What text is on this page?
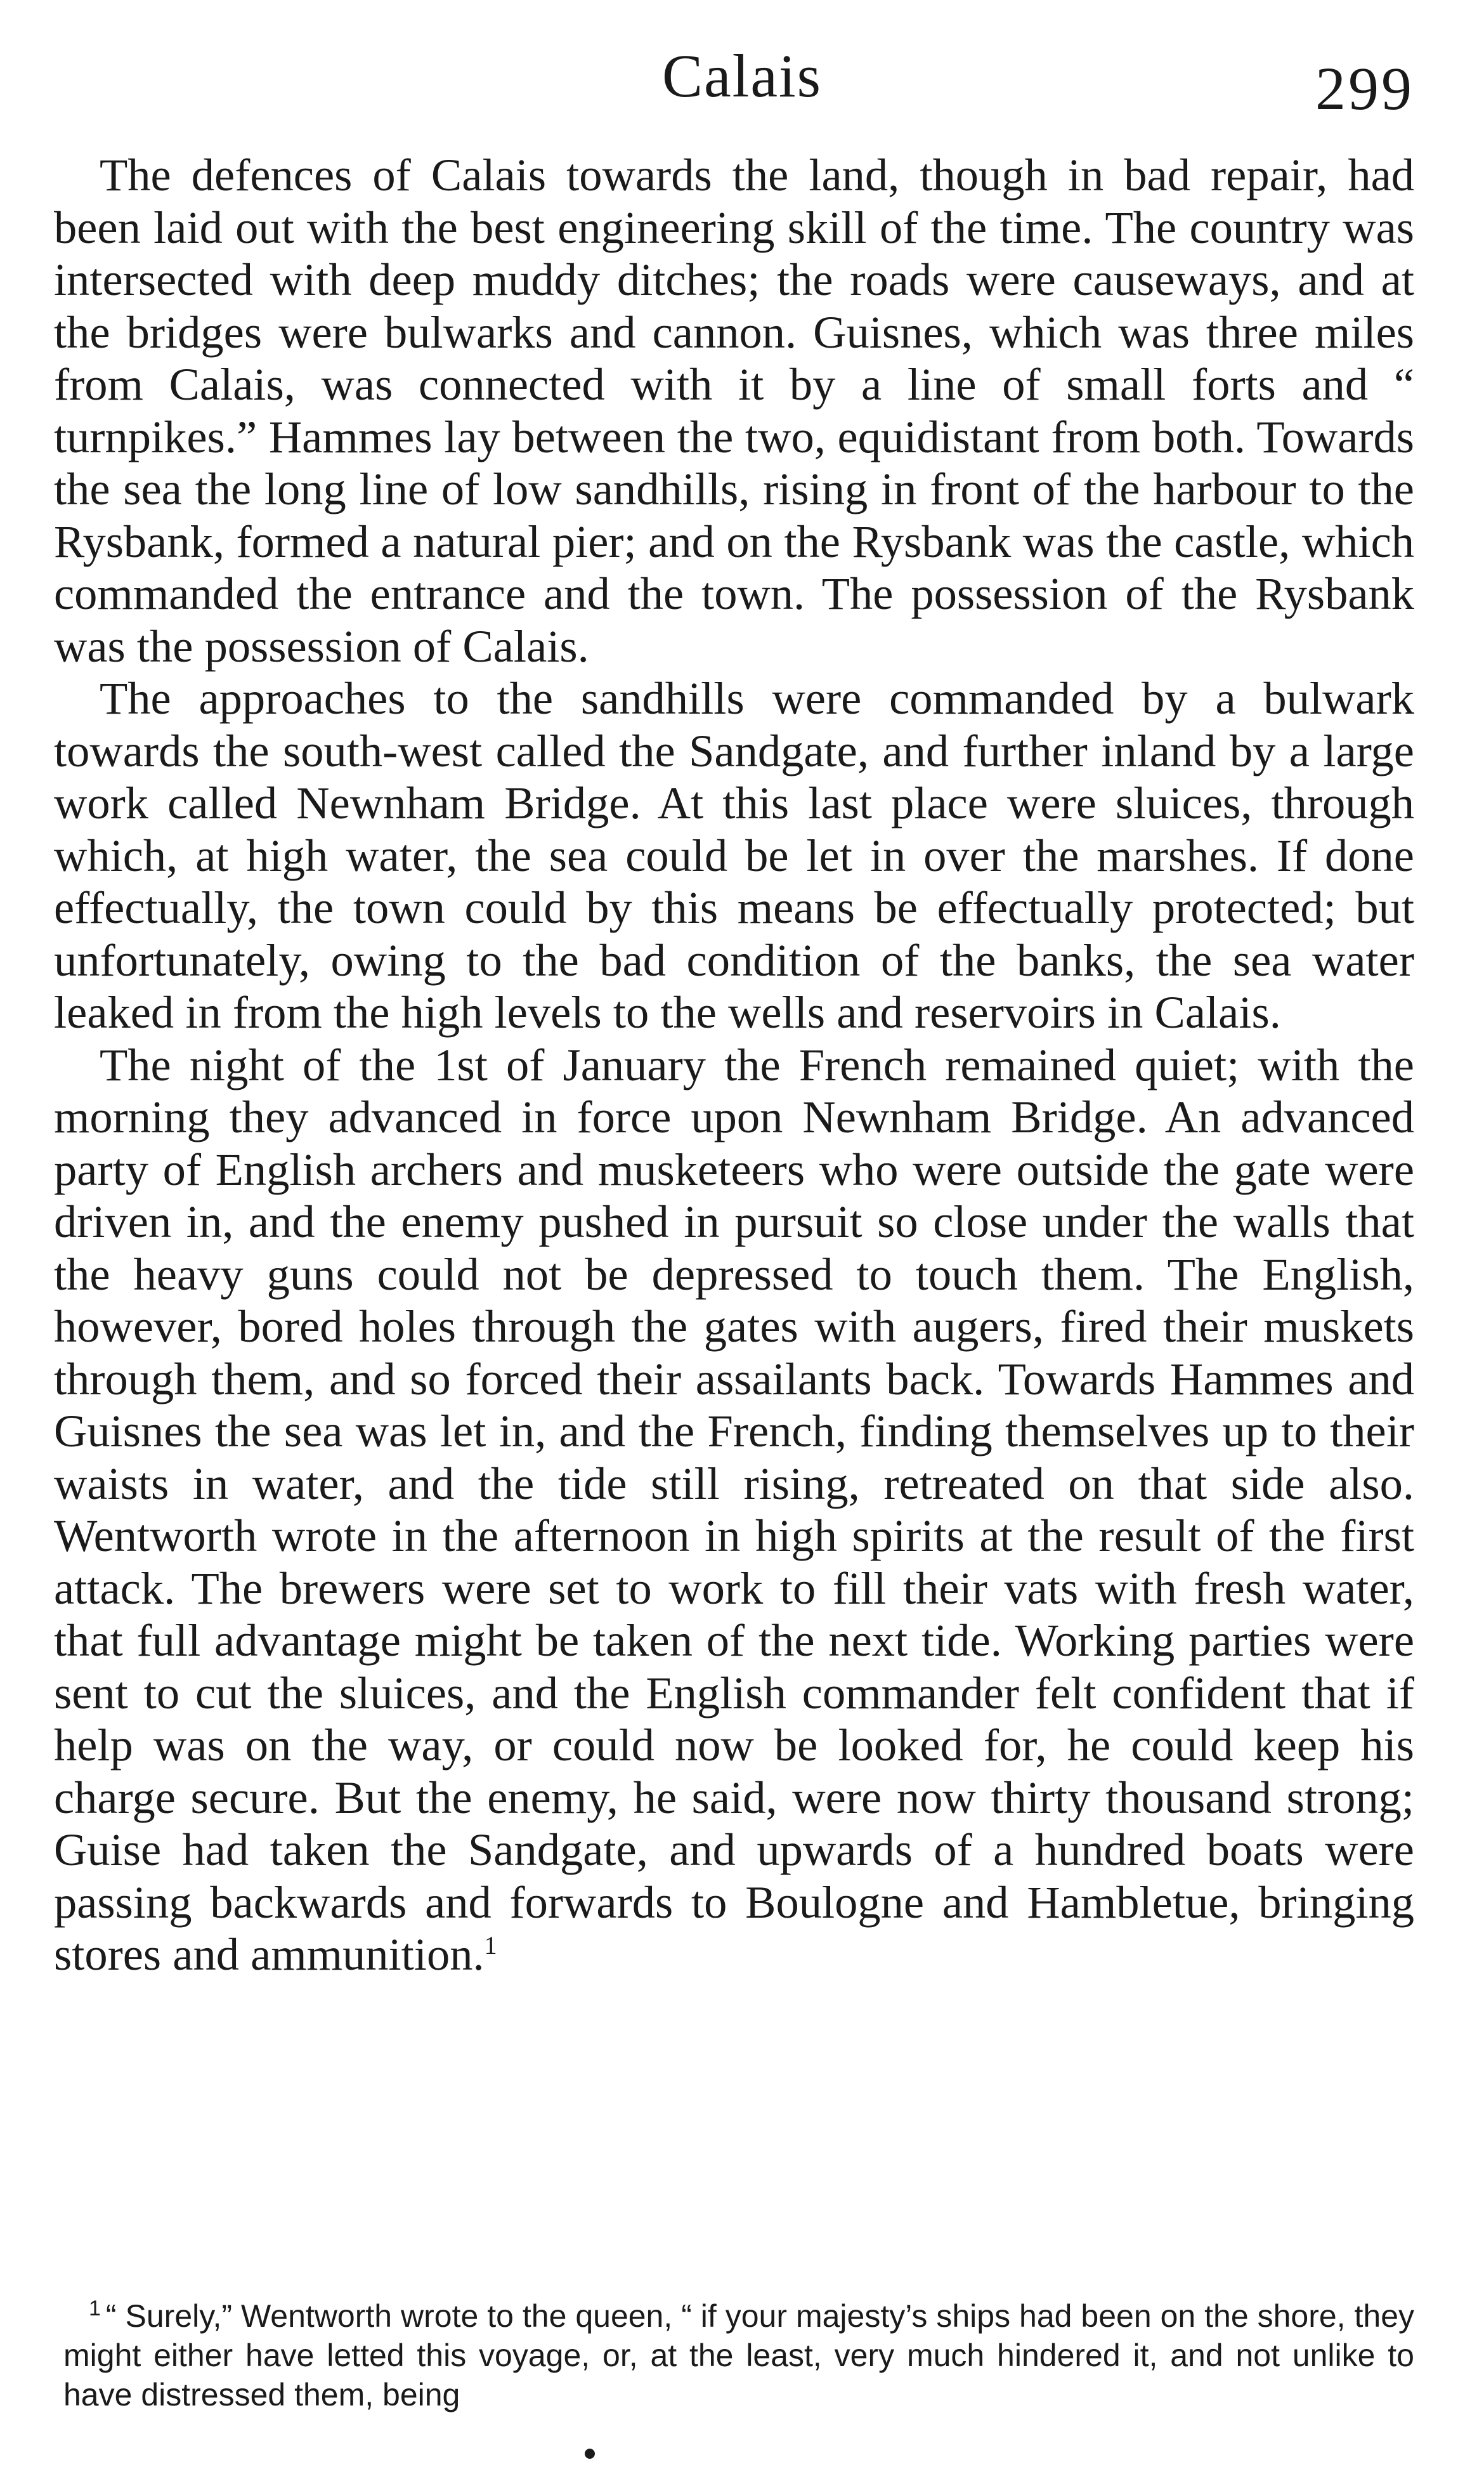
Calais	299

The defences of Calais towards the land, though in bad repair, had been laid out with the best engineering skill of the time. The country was intersected with deep muddy ditches; the roads were causeways, and at the bridges were bulwarks and cannon. Guisnes, which was three miles from Calais, was connected with it by a line of small forts and “ turnpikes.” Hammes lay between the two, equidistant from both. Towards the sea the long line of low sandhills, rising in front of the harbour to the Rysbank, formed a natural pier; and on the Rysbank was the castle, which commanded the entrance and the town. The possession of the Rysbank was the possession of Calais.

The approaches to the sandhills were commanded by a bulwark towards the south-west called the Sandgate, and further inland by a large work called Newnham Bridge. At this last place were sluices, through which, at high water, the sea could be let in over the marshes. If done effectually, the town could by this means be effectually protected; but unfortunately, owing to the bad condition of the banks, the sea water leaked in from the high levels to the wells and reservoirs in Calais.

The night of the 1st of January the French remained quiet; with the morning they advanced in force upon Newnham Bridge. An advanced party of English archers and musketeers who were outside the gate were driven in, and the enemy pushed in pursuit so close under the walls that the heavy guns could not be depressed to touch them. The English, however, bored holes through the gates with augers, fired their muskets through them, and so forced their assailants back. Towards Hammes and Guisnes the sea was let in, and the French, finding themselves up to their waists in water, and the tide still rising, retreated on that side also. Wentworth wrote in the afternoon in high spirits at the result of the first attack. The brewers were set to work to fill their vats with fresh water, that full advantage might be taken of the next tide. Working parties were sent to cut the sluices, and the English commander felt confident that if help was on the way, or could now be looked for, he could keep his charge secure. But the enemy, he said, were now thirty thousand strong; Guise had taken the Sandgate, and upwards of a hundred boats were passing backwards and forwards to Boulogne and Hambletue, bringing stores and ammunition.$^1$

$^1$ “ Surely,” Wentworth wrote to the queen, “ if your majesty’s ships had been on the shore, they might either have letted this voyage, or, at the least, very much hindered it, and not unlike to have distressed them, being
